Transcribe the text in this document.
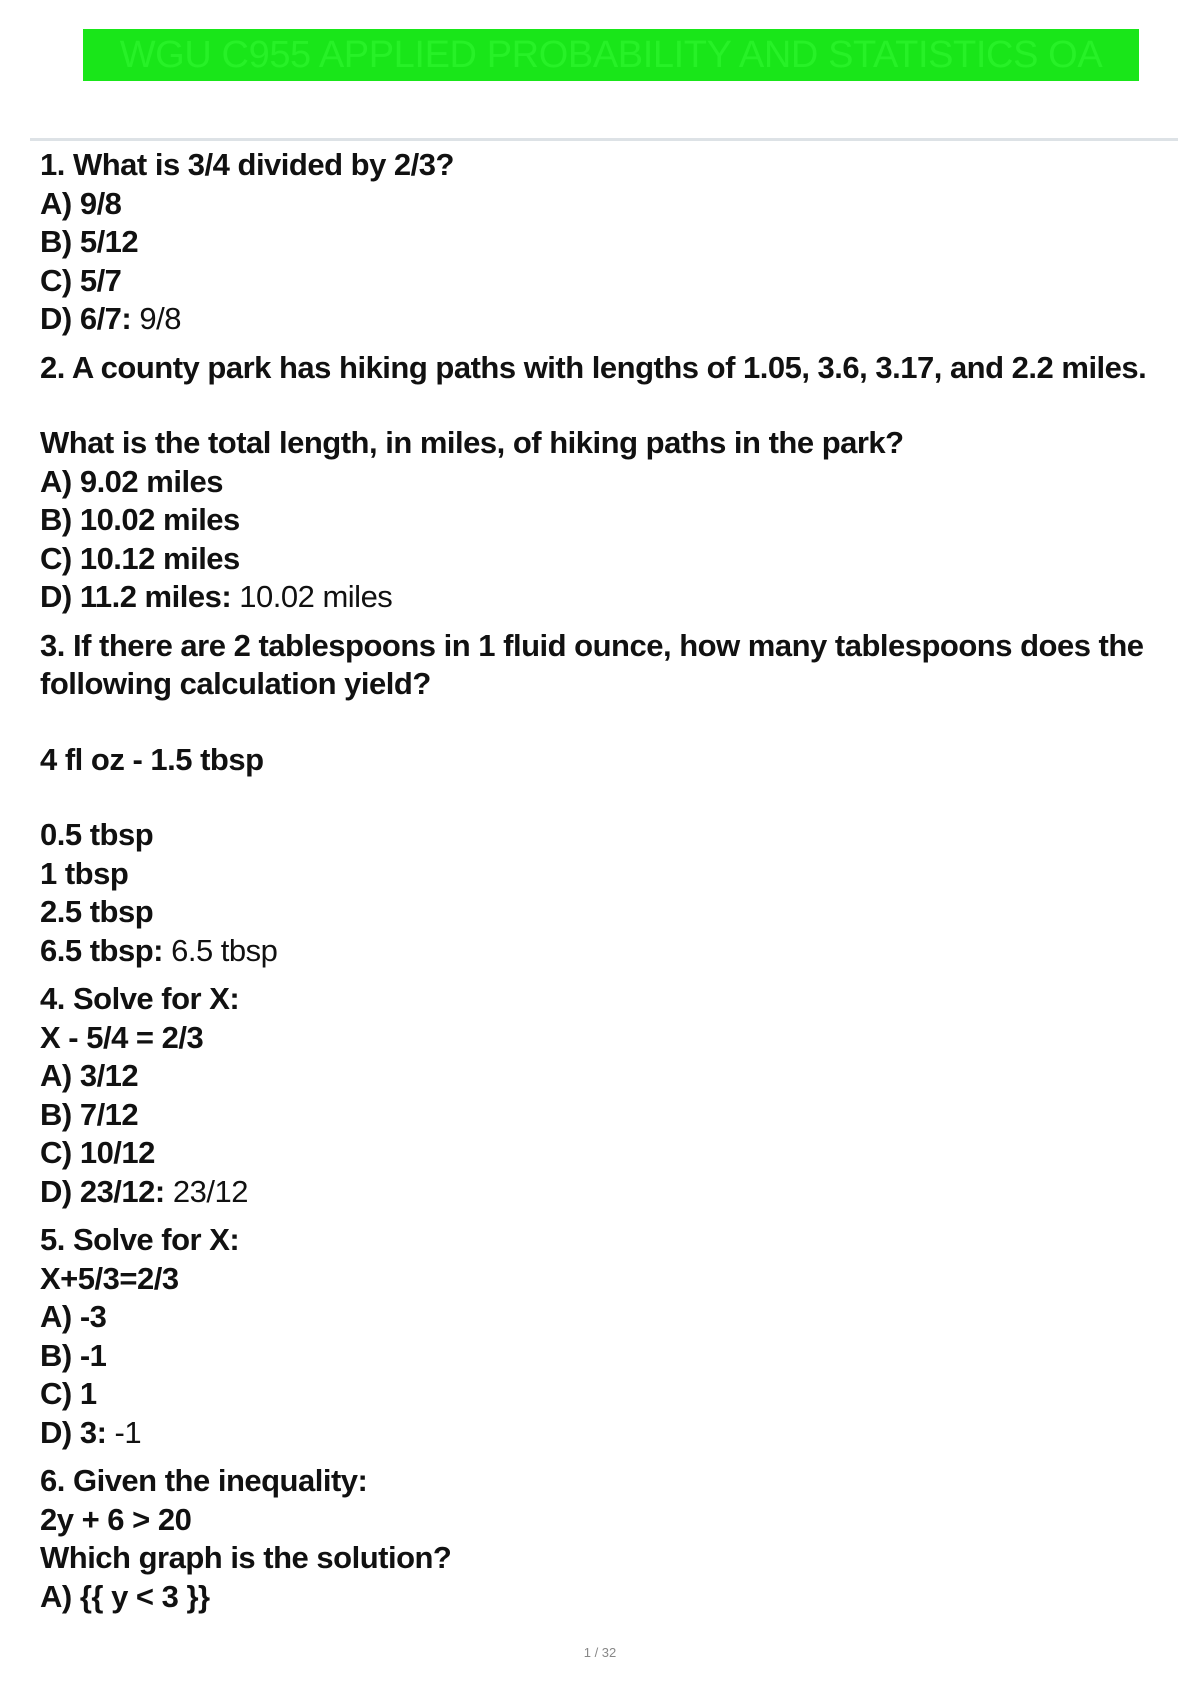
WGU C955 APPLIED PROBABILITY AND STATISTICS OA
1. What is 3/4 divided by 2/3?
A) 9/8
B) 5/12
C) 5/7
D) 6/7: 9/8
2. A county park has hiking paths with lengths of 1.05, 3.6, 3.17, and 2.2 miles.
What is the total length, in miles, of hiking paths in the park?
A) 9.02 miles
B) 10.02 miles
C) 10.12 miles
D) 11.2 miles: 10.02 miles
3. If there are 2 tablespoons in 1 fluid ounce, how many tablespoons does the following calculation yield?
4 fl oz - 1.5 tbsp
0.5 tbsp
1 tbsp
2.5 tbsp
6.5 tbsp: 6.5 tbsp
4. Solve for X:
X - 5/4 = 2/3
A) 3/12
B) 7/12
C) 10/12
D) 23/12: 23/12
5. Solve for X:
X+5/3=2/3
A) -3
B) -1
C) 1
D) 3: -1
6. Given the inequality:
2y + 6 > 20
Which graph is the solution?
A) {{ y < 3 }}
1 / 32
